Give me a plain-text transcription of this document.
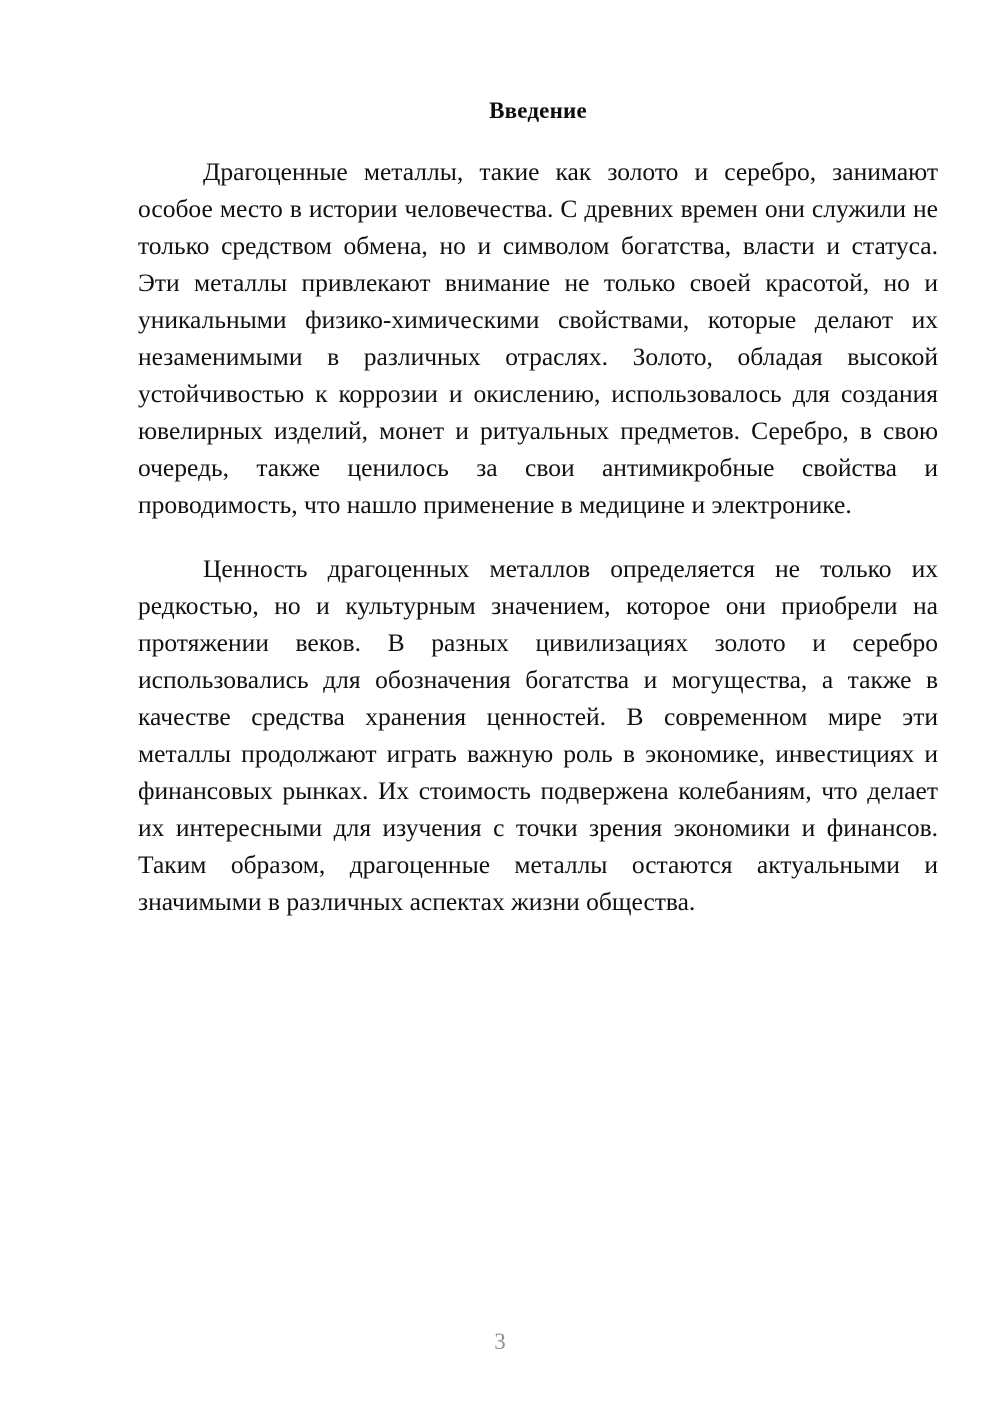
Введение

Драгоценные металлы, такие как золото и серебро, занимают особое место в истории человечества. С древних времен они служили не только средством обмена, но и символом богатства, власти и статуса. Эти металлы привлекают внимание не только своей красотой, но и уникальными физико-химическими свойствами, которые делают их незаменимыми в различных отраслях. Золото, обладая высокой устойчивостью к коррозии и окислению, использовалось для создания ювелирных изделий, монет и ритуальных предметов. Серебро, в свою очередь, также ценилось за свои антимикробные свойства и проводимость, что нашло применение в медицине и электронике.

Ценность драгоценных металлов определяется не только их редкостью, но и культурным значением, которое они приобрели на протяжении веков. В разных цивилизациях золото и серебро использовались для обозначения богатства и могущества, а также в качестве средства хранения ценностей. В современном мире эти металлы продолжают играть важную роль в экономике, инвестициях и финансовых рынках. Их стоимость подвержена колебаниям, что делает их интересными для изучения с точки зрения экономики и финансов. Таким образом, драгоценные металлы остаются актуальными и значимыми в различных аспектах жизни общества.

3
